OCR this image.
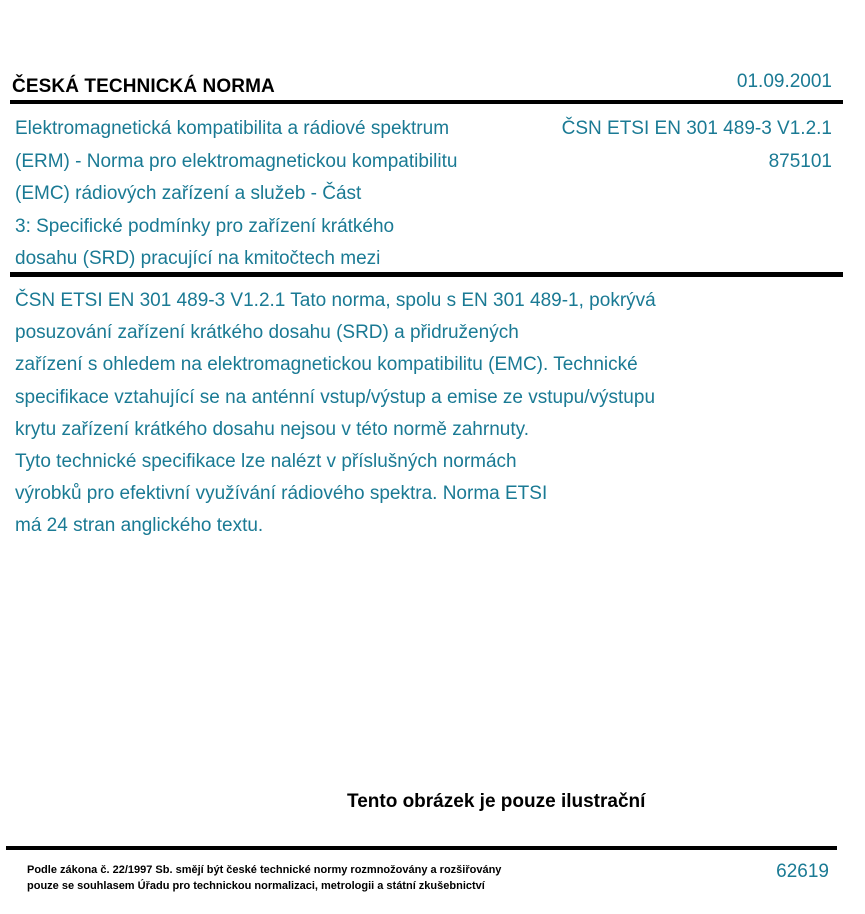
ČESKÁ TECHNICKÁ NORMA	01.09.2001
Elektromagnetická kompatibilita a rádiové spektrum
(ERM) - Norma pro elektromagnetickou kompatibilitu
(EMC) rádiových zařízení a služeb - Část
3: Specifické podmínky pro zařízení krátkého
dosahu (SRD) pracující na kmitočtech mezi
ČSN ETSI EN 301 489-3 V1.2.1
875101
ČSN ETSI EN 301 489-3 V1.2.1 Tato norma, spolu s EN 301 489-1, pokrývá
posuzování zařízení krátkého dosahu (SRD) a přidružených
zařízení s ohledem na elektromagnetickou kompatibilitu (EMC). Technické
specifikace vztahující se na anténní vstup/výstup a emise ze vstupu/výstupu
krytu zařízení krátkého dosahu nejsou v této normě zahrnuty.
Tyto technické specifikace lze nalézt v příslušných normách
výrobků pro efektivní využívání rádiového spektra. Norma ETSI
má 24 stran anglického textu.
Tento obrázek je pouze ilustrační
Podle zákona č. 22/1997 Sb. smějí být české technické normy rozmnožovány a rozšiřovány
pouze se souhlasem Úřadu pro technickou normalizaci, metrologii a státní zkušebnictví
62619
